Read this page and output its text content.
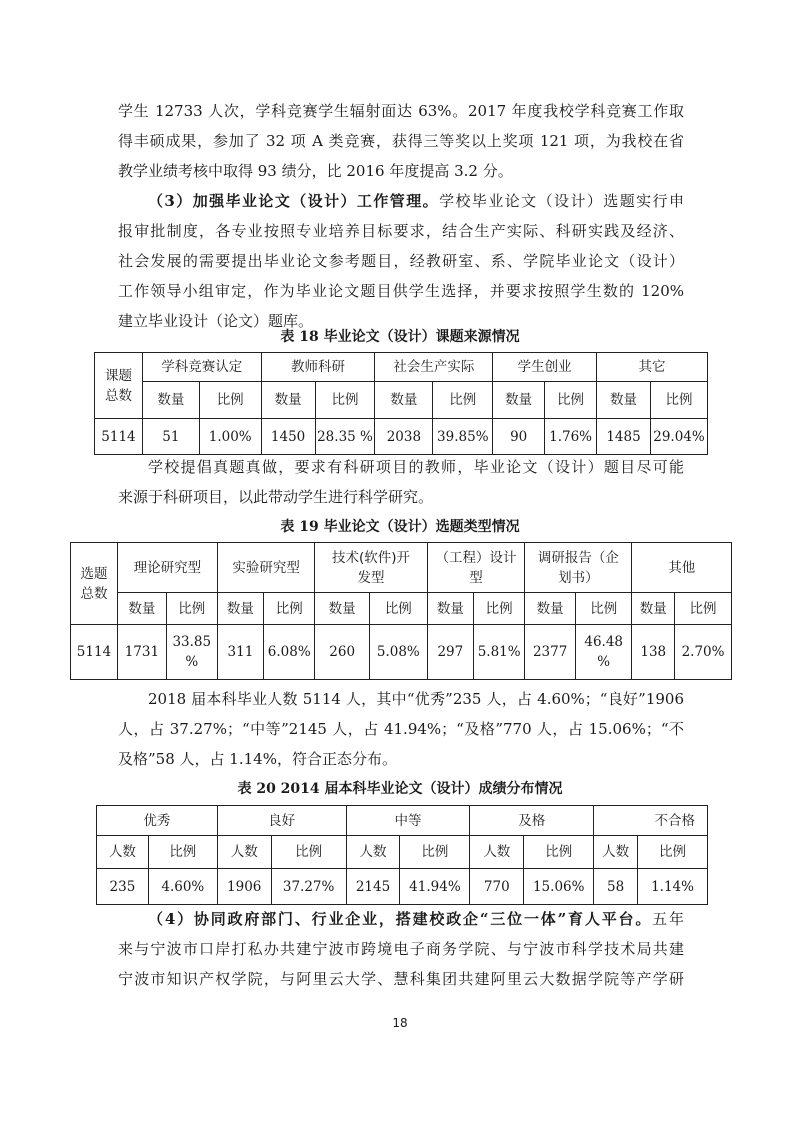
学生 12733 人次，学科竞赛学生辐射面达 63%。2017 年度我校学科竞赛工作取
得丰硕成果，参加了 32 项 A 类竞赛，获得三等奖以上奖项 121 项，为我校在省
教学业绩考核中取得 93 绩分，比 2016 年度提高 3.2 分。
（3）加强毕业论文（设计）工作管理。学校毕业论文（设计）选题实行申
报审批制度，各专业按照专业培养目标要求，结合生产实际、科研实践及经济、
社会发展的需要提出毕业论文参考题目，经教研室、系、学院毕业论文（设计）
工作领导小组审定，作为毕业论文题目供学生选择，并要求按照学生数的 120%
建立毕业设计（论文）题库。
表 18 毕业论文（设计）课题来源情况
课题
总数	学科竞赛认定		教师科研		社会生产实际		学生创业		其它	
	数量	比例	数量	比例	数量	比例	数量	比例	数量	比例
5114	51	1.00%	1450	28.35 %	2038	39.85%	90	1.76%	1485	29.04%
学校提倡真题真做，要求有科研项目的教师，毕业论文（设计）题目尽可能
来源于科研项目，以此带动学生进行科学研究。
表 19 毕业论文（设计）选题类型情况
选题
总数	理论研究型		实验研究型		技术(软件)开
发型		（工程）设计
型		调研报告（企
划书）		其他	
	数量	比例	数量	比例	数量	比例	数量	比例	数量	比例	数量	比例
5114	1731	33.85
%	311	6.08%	260	5.08%	297	5.81%	2377	46.48
%	138	2.70%
2018 届本科毕业人数 5114 人，其中“优秀”235 人，占 4.60%；“良好”1906
人，占 37.27%；“中等”2145 人，占 41.94%；“及格”770 人，占 15.06%；“不
及格”58 人，占 1.14%，符合正态分布。
表 20 2014 届本科毕业论文（设计）成绩分布情况
优秀		良好		中等		及格		不合格	
人数	比例	人数	比例	人数	比例	人数	比例	人数	比例
235	4.60%	1906	37.27%	2145	41.94%	770	15.06%	58	1.14%
（4）协同政府部门、行业企业，搭建校政企“三位一体”育人平台。五年
来与宁波市口岸打私办共建宁波市跨境电子商务学院、与宁波市科学技术局共建
宁波市知识产权学院，与阿里云大学、慧科集团共建阿里云大数据学院等产学研
18
